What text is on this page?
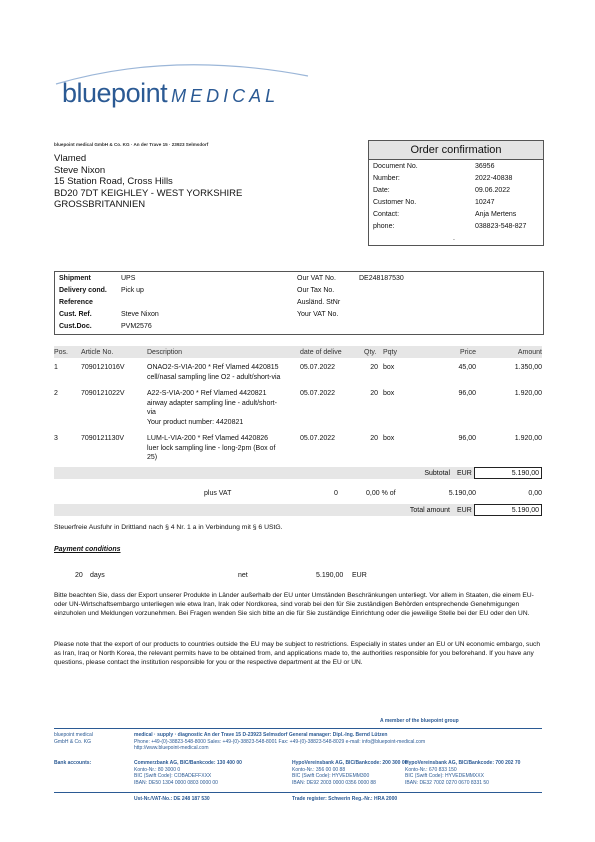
bluepoint MEDICAL
bluepoint medical GmbH & Co. KG · An der Trave 15 · 23923 Selmsdorf
Vlamed
Steve Nixon
15 Station Road, Cross Hills
BD20 7DT KEIGHLEY - WEST YORKSHIRE
GROSSBRITANNIEN
Order confirmation
Document No.	36956
Number:	2022-40838
Date:	09.06.2022
Customer No.	10247
Contact:	Anja Mertens
phone:	038823-548-827
.
Shipment	UPS
Delivery cond. Pick up
Reference
Cust. Ref.	Steve Nixon
Cust.Doc.	PVM2576
Our VAT No.	DE248187530
Our Tax No.
Ausländ. StNr
Your VAT No.
Pos. Article No.	Description	date of delive	Qty. Pqty	Price	Amount
1	7090121016V	ONAO2-S-VIA-200 * Ref Vlamed 4420815
cell/nasal sampling line O2 - adult/short-via
05.07.2022	20 box	45,00	1.350,00
2	7090121022V	A22-S-VIA-200 * Ref Vlamed 4420821
airway adapter sampling line - adult/short-
via
Your product number: 4420821
05.07.2022	20 box	96,00	1.920,00
3	7090121130V	LUM-L-VIA-200 * Ref Vlamed 4420826
luer lock sampling line - long-2pm (Box of
25)
05.07.2022	20 box	96,00	1.920,00
Subtotal EUR	5.190,00
plus VAT	0	0,00 % of	5.190,00	0,00
Total amount EUR	5.190,00
Steuerfreie Ausfuhr in Drittland nach § 4 Nr. 1 a in Verbindung mit § 6 UStG.
Payment conditions
20 days	net	5.190,00 EUR
Bitte beachten Sie, dass der Export unserer Produkte in Länder außerhalb der EU unter Umständen Beschränkungen unterliegt. Vor allem in Staaten, die einem EU- oder UN-Wirtschaftsembargo unterliegen wie etwa Iran, Irak oder Nordkorea, sind vorab bei den für Sie zuständigen Behörden entsprechende Genehmigungen einzuholen und Meldungen vorzunehmen. Bei Fragen wenden Sie sich bitte an die für Sie zuständige Einrichtung oder die jeweilige Stelle bei der EU oder den UN.
Please note that the export of our products to countries outside the EU may be subject to restrictions. Especially in states under an EU or UN economic embargo, such as Iran, Iraq or North Korea, the relevant permits have to be obtained from, and applications made to, the authorities responsible for you beforehand. If you have any questions, please contact the institution responsible for you or the respective department at the EU or UN.
A member of the bluepoint group
bluepoint medical
GmbH & Co. KG
medical · supply · diagnostic An der Trave 15 D-23923 Selmsdorf General manager: Dipl.-Ing. Bernd Lützen
Phone: +49-(0)-38823-548-8000 Sales: +49-(0)-38823-548-8001 Fax: +49-(0)-38823-548-8029 e-mail: info@bluepoint-medical.com
http://www.bluepoint-medical.com
Bank accounts:	Commerzbank AG, BIC/Bankcode: 130 400 00
Konto-Nr.: 80 3000 0
BIC (Swift Code): COBADEFFXXX
IBAN: DE50 1304 0000 0803 0000 00
HypoVereinsbank AG, BIC/Bankcode: 200 300 00
Konto-Nr.: 356 00 00 88
BIC (Swift Code): HYVEDEMM300
IBAN: DE92 2003 0000 0356 0000 88
HypoVereinsbank AG, BIC/Bankcode: 700 202 70
Konto-Nr.: 670 833 150
BIC (Swift Code): HYVEDEMMXXX
IBAN: DE32 7002 0270 0670 8331 50
Ust-Nr./VAT-No.: DE 248 187 530	Trade register: Schwerin Reg.-Nr.: HRA 2000
